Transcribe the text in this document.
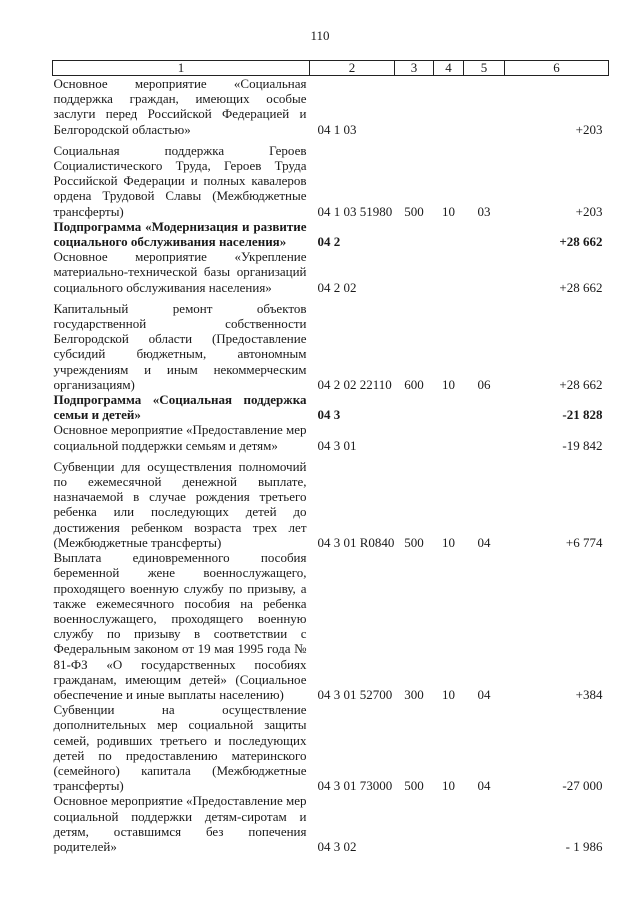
110
1	2	3	4	5	6
Основное мероприятие «Социальная поддержка граждан, имеющих особые заслуги перед Российской Федерацией и Белгородской областью»	04 1 03				+203
Социальная поддержка Героев Социалистического Труда, Героев Труда Российской Федерации и полных кавалеров ордена Трудовой Славы (Межбюджетные трансферты)	04 1 03 51980	500	10	03	+203
Подпрограмма «Модернизация и развитие социального обслуживания населения»	04 2				+28 662
Основное мероприятие «Укрепление материально-технической базы организаций социального обслуживания населения»	04 2 02				+28 662
Капитальный ремонт объектов государственной собственности Белгородской области (Предоставление субсидий бюджетным, автономным учреждениям и иным некоммерческим организациям)	04 2 02 22110	600	10	06	+28 662
Подпрограмма «Социальная поддержка семьи и детей»	04 3				-21 828
Основное мероприятие «Предоставление мер социальной поддержки семьям и детям»	04 3 01				-19 842
Субвенции для осуществления полномочий по ежемесячной денежной выплате, назначаемой в случае рождения третьего ребенка или последующих детей до достижения ребенком возраста трех лет (Межбюджетные трансферты)	04 3 01 R0840	500	10	04	+6 774
Выплата единовременного пособия беременной жене военнослужащего, проходящего военную службу по призыву, а также ежемесячного пособия на ребенка военнослужащего, проходящего военную службу по призыву в соответствии с Федеральным законом от 19 мая 1995 года № 81-ФЗ «О государственных пособиях гражданам, имеющим детей» (Социальное обеспечение и иные выплаты населению)	04 3 01 52700	300	10	04	+384
Субвенции на осуществление дополнительных мер социальной защиты семей, родивших третьего и последующих детей по предоставлению материнского (семейного) капитала (Межбюджетные трансферты)	04 3 01 73000	500	10	04	-27 000
Основное мероприятие «Предоставление мер социальной поддержки детям-сиротам и детям, оставшимся без попечения родителей»	04 3 02				- 1 986
